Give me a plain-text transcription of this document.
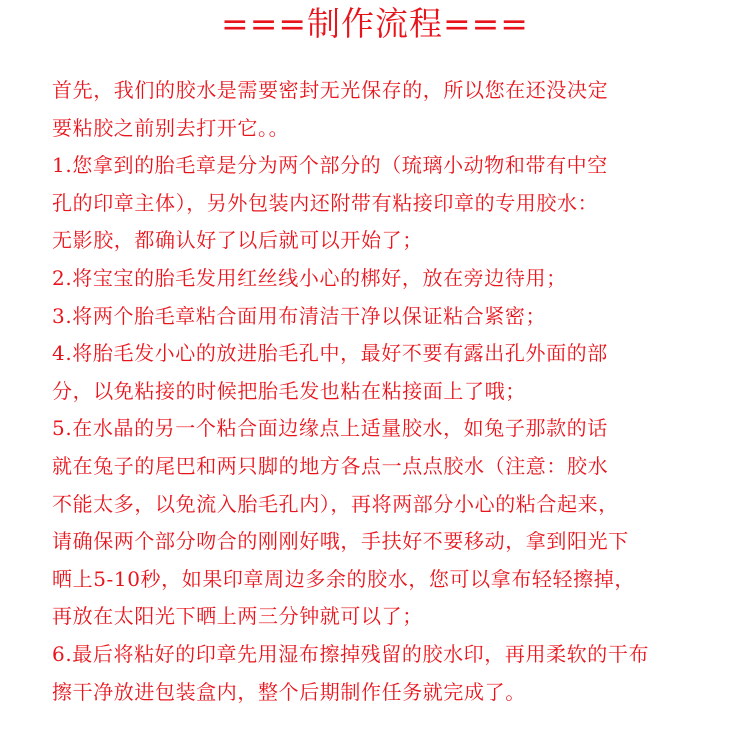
===制作流程===
首先，我们的胶水是需要密封无光保存的，所以您在还没决定
要粘胶之前别去打开它。。
1.您拿到的胎毛章是分为两个部分的（琉璃小动物和带有中空
孔的印章主体），另外包装内还附带有粘接印章的专用胶水：
无影胶，都确认好了以后就可以开始了；
2.将宝宝的胎毛发用红丝线小心的梆好，放在旁边待用；
3.将两个胎毛章粘合面用布清洁干净以保证粘合紧密；
4.将胎毛发小心的放进胎毛孔中，最好不要有露出孔外面的部
分，以免粘接的时候把胎毛发也粘在粘接面上了哦；
5.在水晶的另一个粘合面边缘点上适量胶水，如兔子那款的话
就在兔子的尾巴和两只脚的地方各点一点点胶水（注意：胶水
不能太多，以免流入胎毛孔内），再将两部分小心的粘合起来，
请确保两个部分吻合的刚刚好哦，手扶好不要移动，拿到阳光下
晒上5-10秒，如果印章周边多余的胶水，您可以拿布轻轻擦掉，
再放在太阳光下晒上两三分钟就可以了；
6.最后将粘好的印章先用湿布擦掉残留的胶水印，再用柔软的干布
擦干净放进包装盒内，整个后期制作任务就完成了。
